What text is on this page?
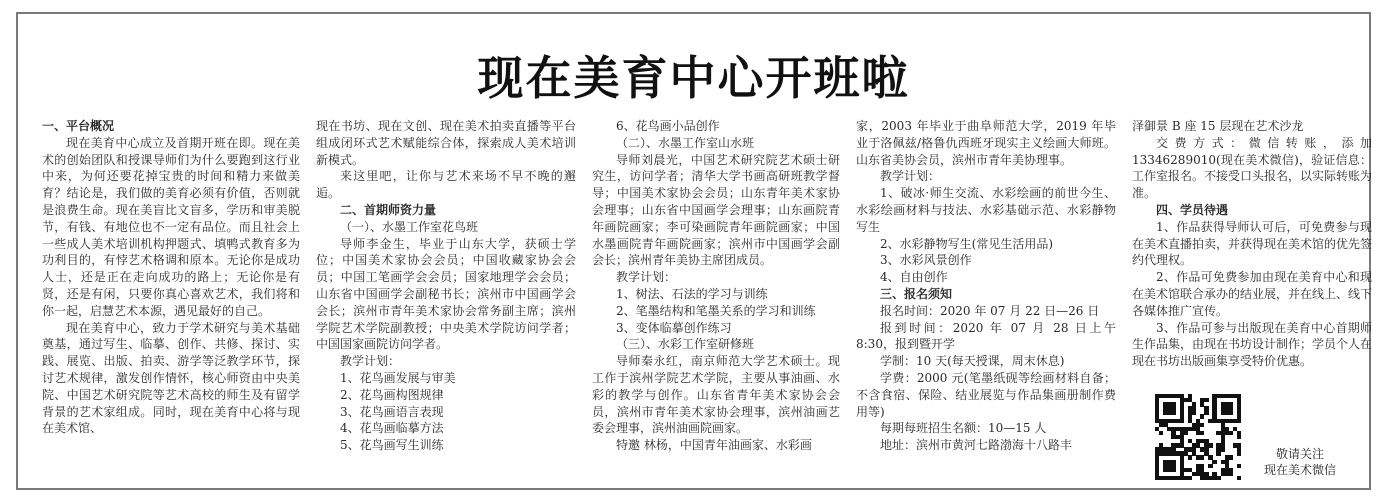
现在美育中心开班啦

一、平台概况

现在美育中心成立及首期开班在即。现在美术的创始团队和授课导师们为什么要跑到这行业中来，为何还要花掉宝贵的时间和精力来做美育？结论是，我们做的美育必须有价值，否则就是浪费生命。现在美盲比文盲多，学历和审美脱节，有钱、有地位也不一定有品位。而且社会上一些成人美术培训机构押题式、填鸭式教育多为功利目的，有悖艺术格调和原本。无论你是成功人士，还是正在走向成功的路上；无论你是有贤，还是有闲，只要你真心喜欢艺术，我们将和你一起，启慧艺术本源，遇见最好的自己。

现在美育中心，致力于学术研究与美术基础奠基，通过写生、临摹、创作、共修、探讨、实践、展览、出版、拍卖、游学等泛教学环节，探讨艺术规律，激发创作情怀，核心师资由中央美院、中国艺术研究院等艺术高校的师生及有留学背景的艺术家组成。同时，现在美育中心将与现在美术馆、

现在书坊、现在文创、现在美术拍卖直播等平台组成闭环式艺术赋能综合体，探索成人美术培训新模式。

来这里吧，让你与艺术来场不早不晚的邂逅。

二、首期师资力量

（一）、水墨工作室花鸟班

导师李金生，毕业于山东大学，获硕士学位；中国美术家协会会员；中国收藏家协会会员；中国工笔画学会会员；国家地理学会会员；山东省中国画学会副秘书长；滨州市中国画学会会长；滨州市青年美术家协会常务副主席；滨州学院艺术学院副教授；中央美术学院访问学者；中国国家画院访问学者。

教学计划：

1、花鸟画发展与审美

2、花鸟画构图规律

3、花鸟画语言表现

4、花鸟画临摹方法

5、花鸟画写生训练

6、花鸟画小品创作

（二）、水墨工作室山水班

导师刘晨光，中国艺术研究院艺术硕士研究生，访问学者；清华大学书画高研班教学督导；中国美术家协会会员；山东青年美术家协会理事；山东省中国画学会理事；山东画院青年画院画家；李可染画院青年画院画家；中国水墨画院青年画院画家；滨州市中国画学会副会长；滨州青年美协主席团成员。

教学计划：

1、树法、石法的学习与训练

2、笔墨结构和笔墨关系的学习和训练

3、变体临摹创作练习

（三）、水彩工作室研修班

导师秦永红，南京师范大学艺术硕士。现工作于滨州学院艺术学院，主要从事油画、水彩的教学与创作。山东省青年美术家协会会员，滨州市青年美术家协会理事，滨州油画艺委会理事，滨州油画院画家。

特邀 林杨，中国青年油画家、水彩画

家，2003 年毕业于曲阜师范大学，2019 年毕业于洛佩兹/格鲁仇西班牙现实主义绘画大师班。山东省美协会员，滨州市青年美协理事。

教学计划：

1、破冰·师生交流、水彩绘画的前世今生、水彩绘画材料与技法、水彩基础示范、水彩静物写生

2、水彩静物写生(常见生活用品)

3、水彩风景创作

4、自由创作

三、报名须知

报名时间：2020 年 07 月 22 日—26 日

报到时间：2020 年 07 月 28 日上午 8:30，报到暨开学

学制：10 天(每天授课，周末休息)

学费：2000 元(笔墨纸砚等绘画材料自备；不含食宿、保险、结业展览与作品集画册制作费用等)

每期每班招生名额：10—15 人

地址：滨州市黄河七路渤海十八路丰

泽御景 B 座 15 层现在艺术沙龙

交费方式：微信转账，添加 13346289010(现在美术微信)，验证信息：工作室报名。不接受口头报名，以实际转账为准。

四、学员待遇

1、作品获得导师认可后，可免费参与现在美术直播拍卖，并获得现在美术馆的优先签约代理权。

2、作品可免费参加由现在美育中心和现在美术馆联合承办的结业展，并在线上、线下各媒体推广宣传。

3、作品可参与出版现在美育中心首期师生作品集，由现在书坊设计制作；学员个人在现在书坊出版画集享受特价优惠。

敬请关注
现在美术微信
